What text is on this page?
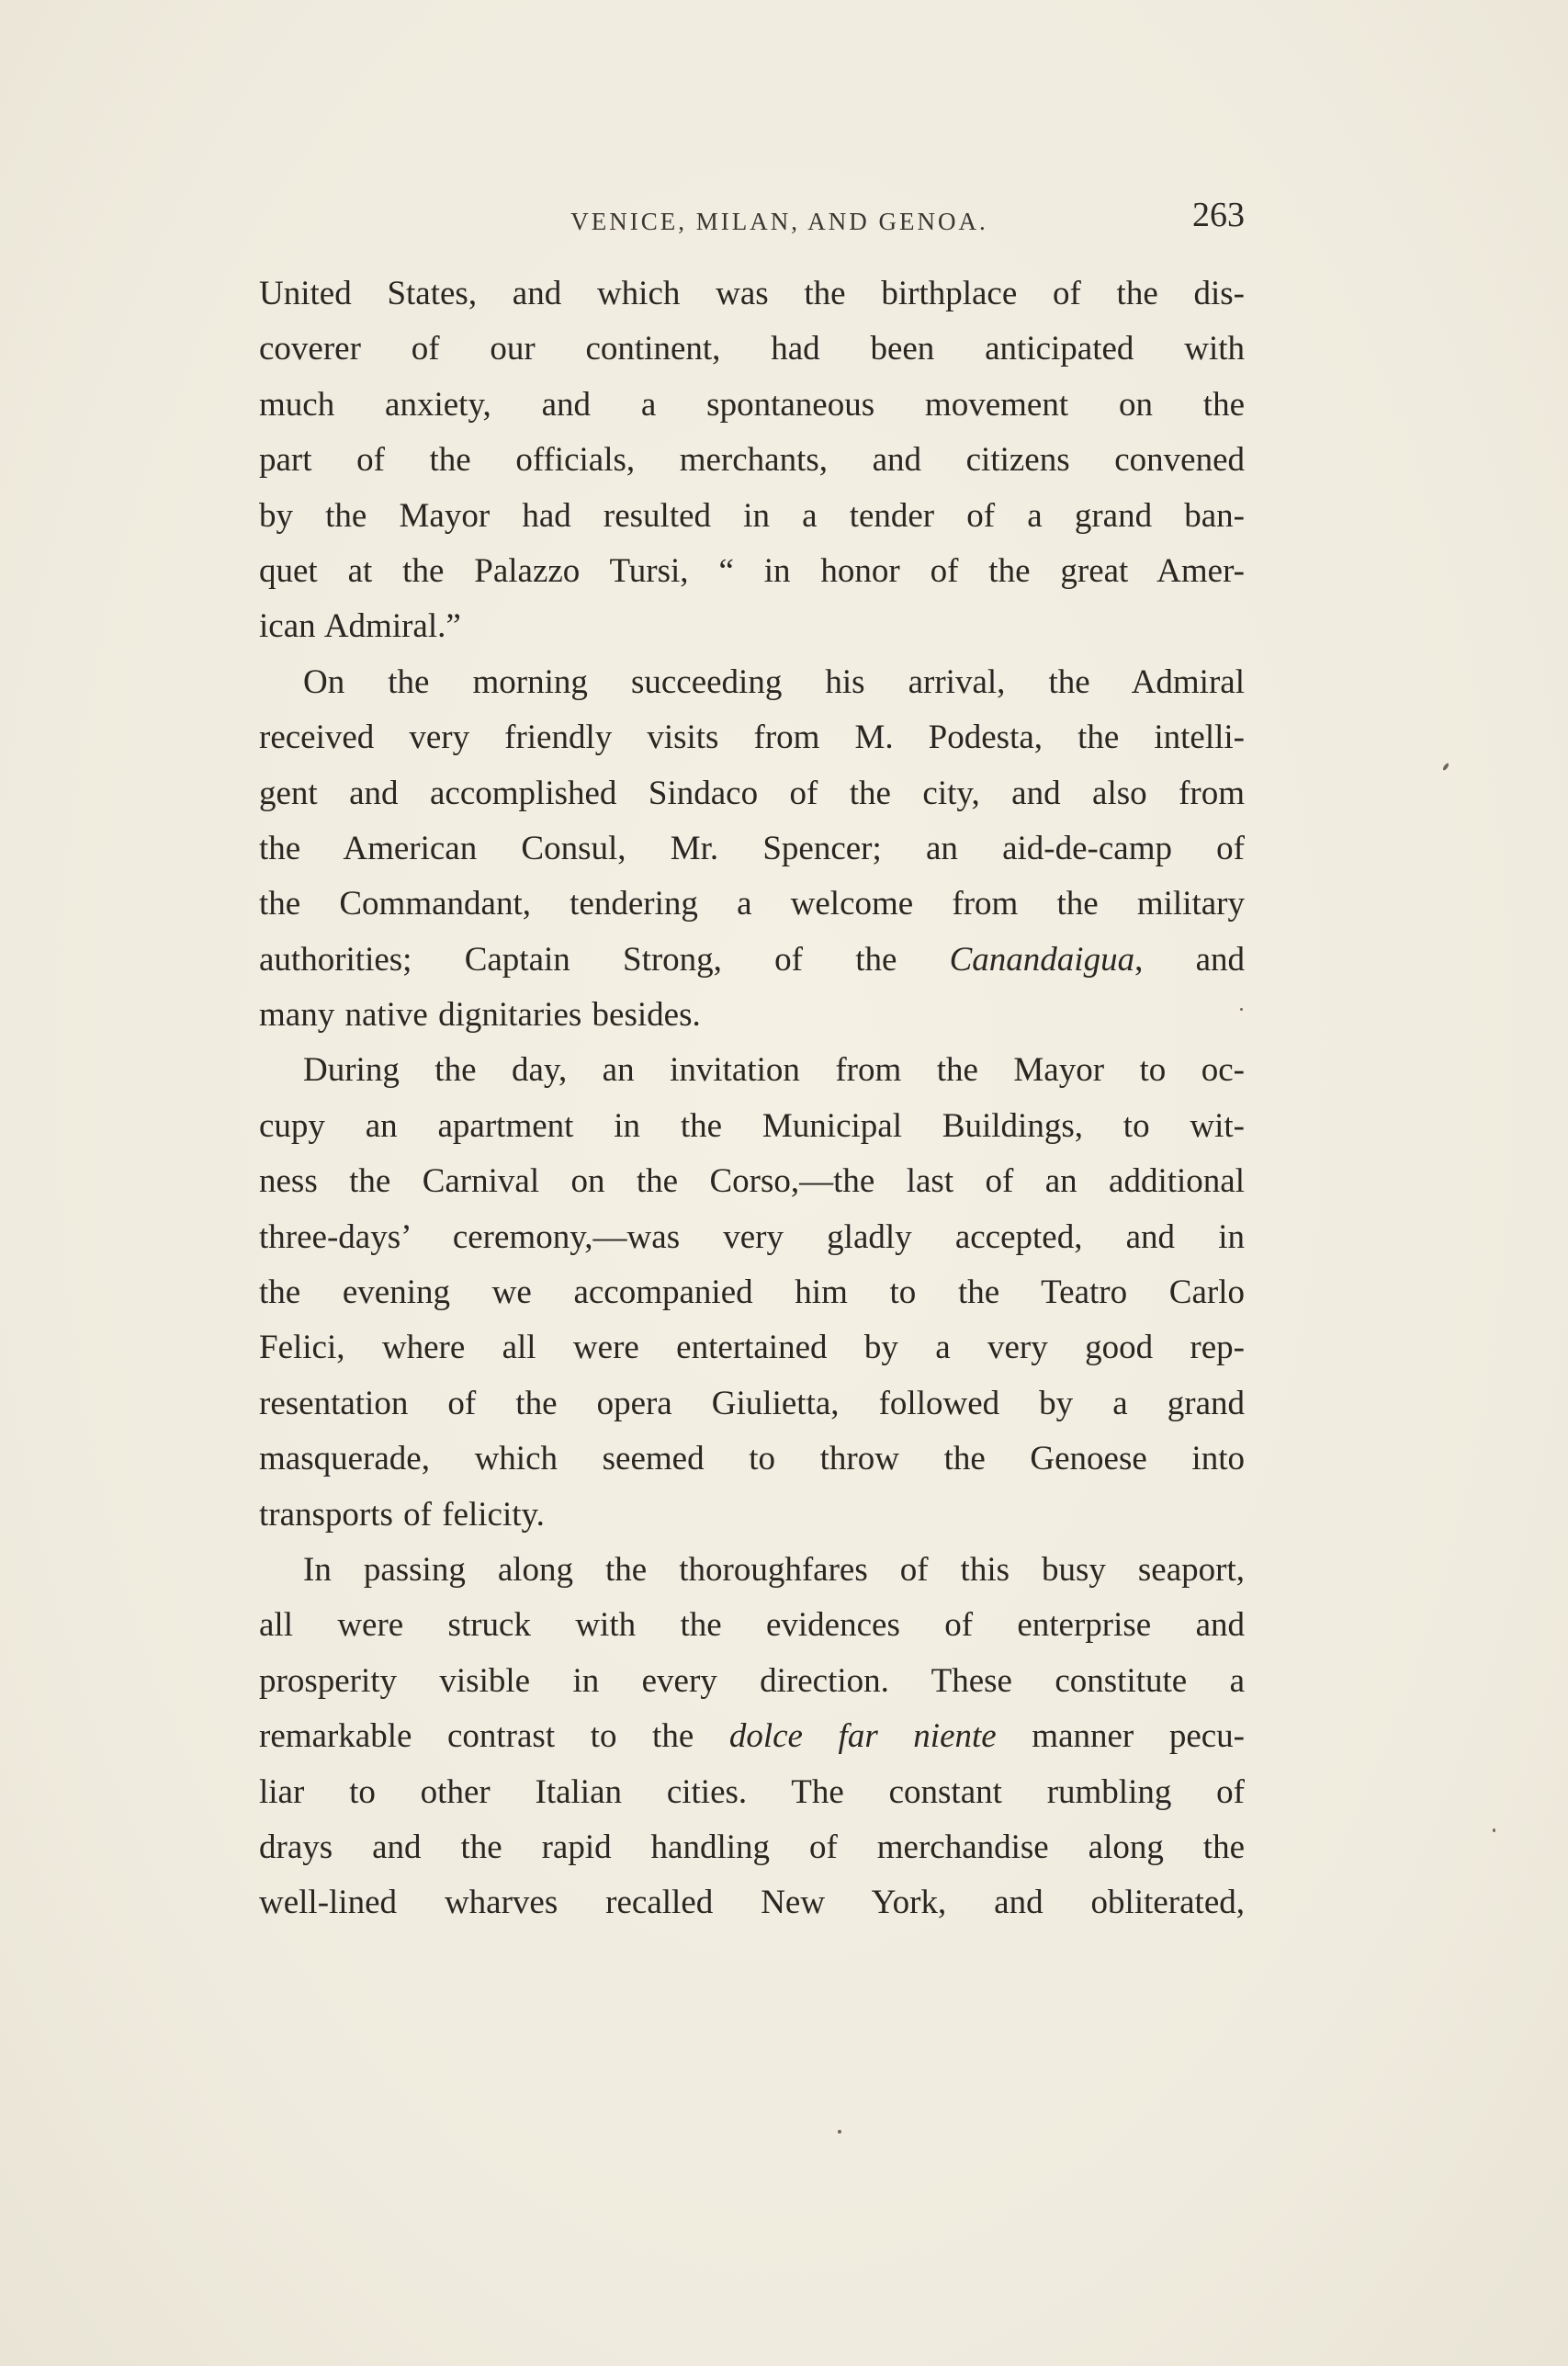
VENICE, MILAN, AND GENOA.	263
United States, and which was the birthplace of the dis-
coverer of our continent, had been anticipated with
much anxiety, and a spontaneous movement on the
part of the officials, merchants, and citizens convened
by the Mayor had resulted in a tender of a grand ban-
quet at the Palazzo Tursi, “ in honor of the great Amer-
ican Admiral.”
On the morning succeeding his arrival, the Admiral
received very friendly visits from M. Podesta, the intelli-
gent and accomplished Sindaco of the city, and also from
the American Consul, Mr. Spencer; an aid-de-camp of
the Commandant, tendering a welcome from the military
authorities; Captain Strong, of the Canandaigua, and
many native dignitaries besides.
During the day, an invitation from the Mayor to oc-
cupy an apartment in the Municipal Buildings, to wit-
ness the Carnival on the Corso,—the last of an additional
three-days’ ceremony,—was very gladly accepted, and in
the evening we accompanied him to the Teatro Carlo
Felici, where all were entertained by a very good rep-
resentation of the opera Giulietta, followed by a grand
masquerade, which seemed to throw the Genoese into
transports of felicity.
In passing along the thoroughfares of this busy seaport,
all were struck with the evidences of enterprise and
prosperity visible in every direction. These constitute a
remarkable contrast to the dolce far niente manner pecu-
liar to other Italian cities. The constant rumbling of
drays and the rapid handling of merchandise along the
well-lined wharves recalled New York, and obliterated,
